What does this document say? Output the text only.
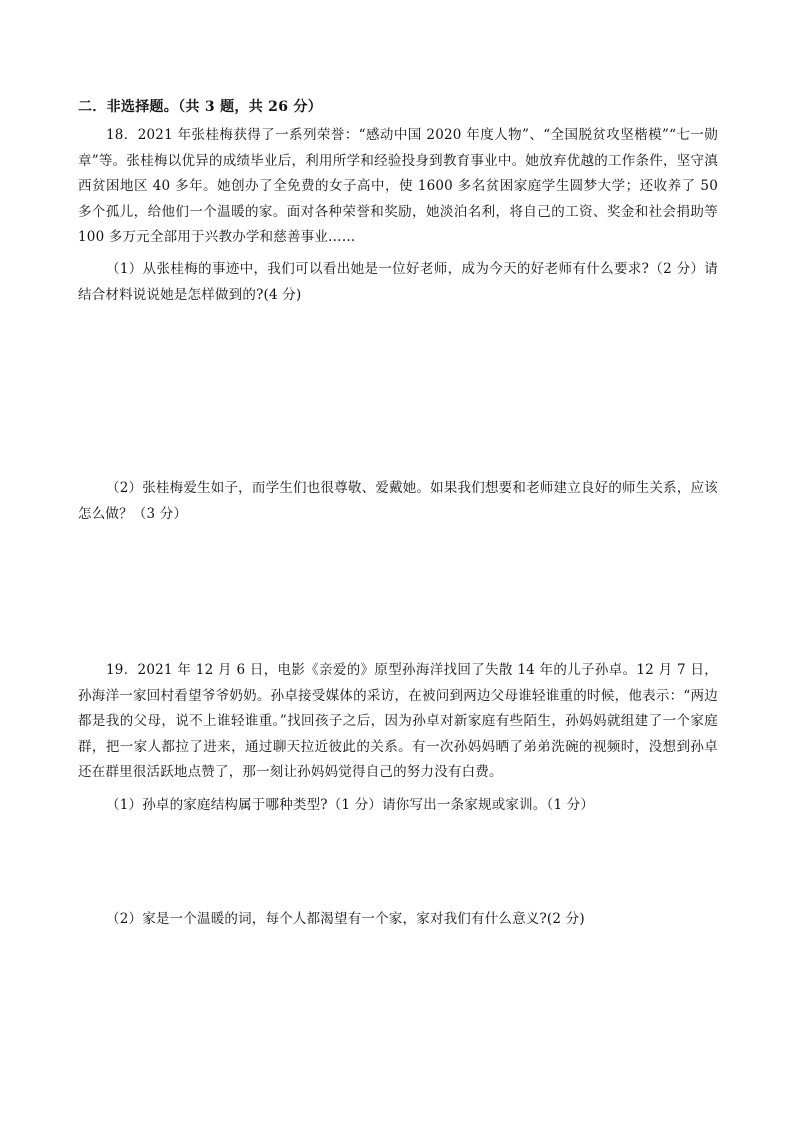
二．非选择题。（共 3 题，共 26 分）
18．2021 年张桂梅获得了一系列荣誉：“感动中国 2020 年度人物”、“全国脱贫攻坚楷模”“七一勋章”等。张桂梅以优异的成绩毕业后，利用所学和经验投身到教育事业中。她放弃优越的工作条件，坚守滇西贫困地区 40 多年。她创办了全免费的女子高中，使 1600 多名贫困家庭学生圆梦大学；还收养了 50 多个孤儿，给他们一个温暖的家。面对各种荣誉和奖励，她淡泊名利，将自己的工资、奖金和社会捐助等 100 多万元全部用于兴教办学和慈善事业……
（1）从张桂梅的事迹中，我们可以看出她是一位好老师，成为今天的好老师有什么要求?（2 分）请结合材料说说她是怎样做到的?(4 分)
（2）张桂梅爱生如子，而学生们也很尊敬、爱戴她。如果我们想要和老师建立良好的师生关系，应该怎么做？（3 分）
19．2021 年 12 月 6 日，电影《亲爱的》原型孙海洋找回了失散 14 年的儿子孙卓。12 月 7 日，孙海洋一家回村看望爷爷奶奶。孙卓接受媒体的采访，在被问到两边父母谁轻谁重的时候，他表示：“两边都是我的父母，说不上谁轻谁重。”找回孩子之后，因为孙卓对新家庭有些陌生，孙妈妈就组建了一个家庭群，把一家人都拉了进来，通过聊天拉近彼此的关系。有一次孙妈妈晒了弟弟洗碗的视频时，没想到孙卓还在群里很活跃地点赞了，那一刻让孙妈妈觉得自己的努力没有白费。
（1）孙卓的家庭结构属于哪种类型?（1 分）请你写出一条家规或家训。（1 分）
（2）家是一个温暖的词，每个人都渴望有一个家，家对我们有什么意义?(2 分)
